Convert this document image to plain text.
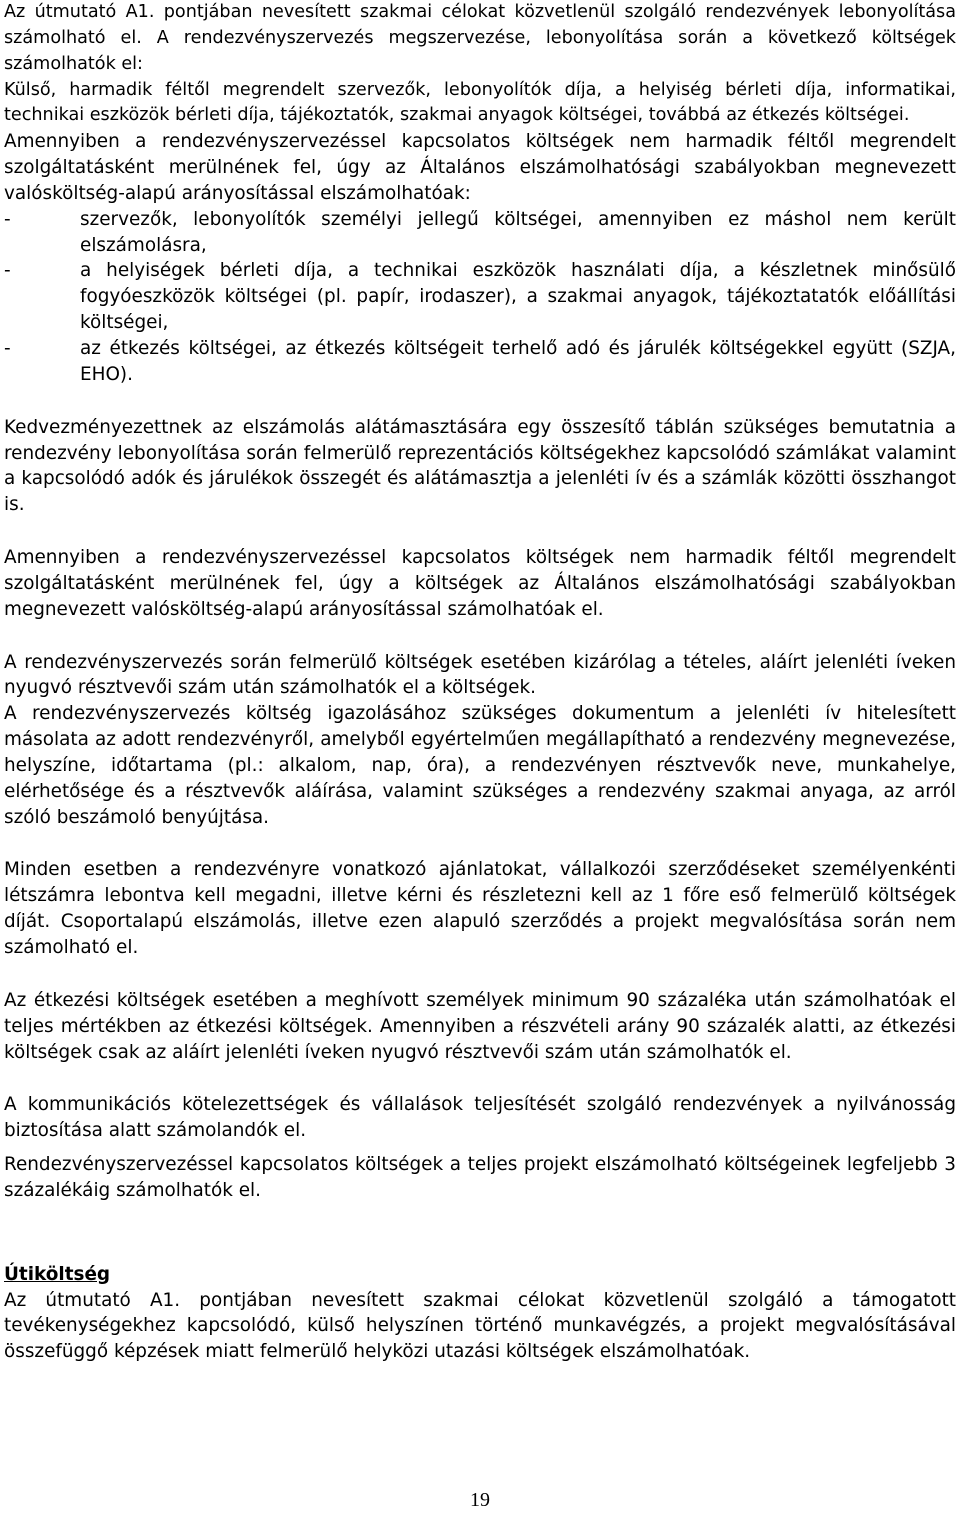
Az útmutató A1. pontjában nevesített szakmai célokat közvetlenül szolgáló rendezvények lebonyolítása számolható el. A rendezvényszervezés megszervezése, lebonyolítása során a következő költségek számolhatók el:

Külső, harmadik féltől megrendelt szervezők, lebonyolítók díja, a helyiség bérleti díja, informatikai, technikai eszközök bérleti díja, tájékoztatók, szakmai anyagok költségei, továbbá az étkezés költségei.

Amennyiben a rendezvényszervezéssel kapcsolatos költségek nem harmadik féltől megrendelt szolgáltatásként merülnének fel, úgy az Általános elszámolhatósági szabályokban megnevezett valósköltség-alapú arányosítással elszámolhatóak:

-	szervezők, lebonyolítók személyi jellegű költségei, amennyiben ez máshol nem került elszámolásra,
-	a helyiségek bérleti díja, a technikai eszközök használati díja, a készletnek minősülő fogyóeszközök költségei (pl. papír, irodaszer), a szakmai anyagok, tájékoztatatók előállítási költségei,
-	az étkezés költségei, az étkezés költségeit terhelő adó és járulék költségekkel együtt (SZJA, EHO).

Kedvezményezettnek az elszámolás alátámasztására egy összesítő táblán szükséges bemutatnia a rendezvény lebonyolítása során felmerülő reprezentációs költségekhez kapcsolódó számlákat valamint a kapcsolódó adók és járulékok összegét és alátámasztja a jelenléti ív és a számlák közötti összhangot is.

Amennyiben a rendezvényszervezéssel kapcsolatos költségek nem harmadik féltől megrendelt szolgáltatásként merülnének fel, úgy a költségek az Általános elszámolhatósági szabályokban megnevezett valósköltség-alapú arányosítással számolhatóak el.

A rendezvényszervezés során felmerülő költségek esetében kizárólag a tételes, aláírt jelenléti íveken nyugvó résztvevői szám után számolhatók el a költségek.

A rendezvényszervezés költség igazolásához szükséges dokumentum a jelenléti ív hitelesített másolata az adott rendezvényről, amelyből egyértelműen megállapítható a rendezvény megnevezése, helyszíne, időtartama (pl.: alkalom, nap, óra), a rendezvényen résztvevők neve, munkahelye, elérhetősége és a résztvevők aláírása, valamint szükséges a rendezvény szakmai anyaga, az arról szóló beszámoló benyújtása.

Minden esetben a rendezvényre vonatkozó ajánlatokat, vállalkozói szerződéseket személyenkénti létszámra lebontva kell megadni, illetve kérni és részletezni kell az 1 főre eső felmerülő költségek díját. Csoportalapú elszámolás, illetve ezen alapuló szerződés a projekt megvalósítása során nem számolható el.

Az étkezési költségek esetében a meghívott személyek minimum 90 százaléka után számolhatóak el teljes mértékben az étkezési költségek. Amennyiben a részvételi arány 90 százalék alatti, az étkezési költségek csak az aláírt jelenléti íveken nyugvó résztvevői szám után számolhatók el.

A kommunikációs kötelezettségek és vállalások teljesítését szolgáló rendezvények a nyilvánosság biztosítása alatt számolandók el.

Rendezvényszervezéssel kapcsolatos költségek a teljes projekt elszámolható költségeinek legfeljebb 3 százalékáig számolhatók el.

Útiköltség

Az útmutató A1. pontjában nevesített szakmai célokat közvetlenül szolgáló a támogatott tevékenységekhez kapcsolódó, külső helyszínen történő munkavégzés, a projekt megvalósításával összefüggő képzések miatt felmerülő helyközi utazási költségek elszámolhatóak.

19
